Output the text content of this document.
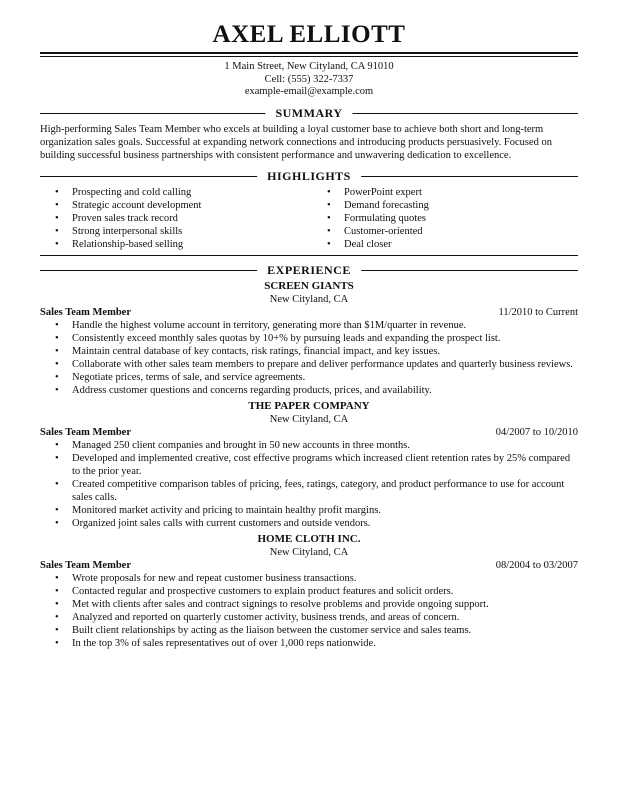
AXEL ELLIOTT
1 Main Street, New Cityland, CA 91010
Cell: (555) 322-7337
example-email@example.com
SUMMARY
High-performing Sales Team Member who excels at building a loyal customer base to achieve both short and long-term organization sales goals. Successful at expanding network connections and introducing products persuasively. Focused on building successful business partnerships with consistent performance and unwavering dedication to excellence.
HIGHLIGHTS
• Prospecting and cold calling
• Strategic account development
• Proven sales track record
• Strong interpersonal skills
• Relationship-based selling
• PowerPoint expert
• Demand forecasting
• Formulating quotes
• Customer-oriented
• Deal closer
EXPERIENCE
SCREEN GIANTS
New Cityland, CA
Sales Team Member	11/2010 to Current
• Handle the highest volume account in territory, generating more than $1M/quarter in revenue.
• Consistently exceed monthly sales quotas by 10+% by pursuing leads and expanding the prospect list.
• Maintain central database of key contacts, risk ratings, financial impact, and key issues.
• Collaborate with other sales team members to prepare and deliver performance updates and quarterly business reviews.
• Negotiate prices, terms of sale, and service agreements.
• Address customer questions and concerns regarding products, prices, and availability.
THE PAPER COMPANY
New Cityland, CA
Sales Team Member	04/2007 to 10/2010
• Managed 250 client companies and brought in 50 new accounts in three months.
• Developed and implemented creative, cost effective programs which increased client retention rates by 25% compared to the prior year.
• Created competitive comparison tables of pricing, fees, ratings, category, and product performance to use for account sales calls.
• Monitored market activity and pricing to maintain healthy profit margins.
• Organized joint sales calls with current customers and outside vendors.
HOME CLOTH INC.
New Cityland, CA
Sales Team Member	08/2004 to 03/2007
• Wrote proposals for new and repeat customer business transactions.
• Contacted regular and prospective customers to explain product features and solicit orders.
• Met with clients after sales and contract signings to resolve problems and provide ongoing support.
• Analyzed and reported on quarterly customer activity, business trends, and areas of concern.
• Built client relationships by acting as the liaison between the customer service and sales teams.
• In the top 3% of sales representatives out of over 1,000 reps nationwide.
